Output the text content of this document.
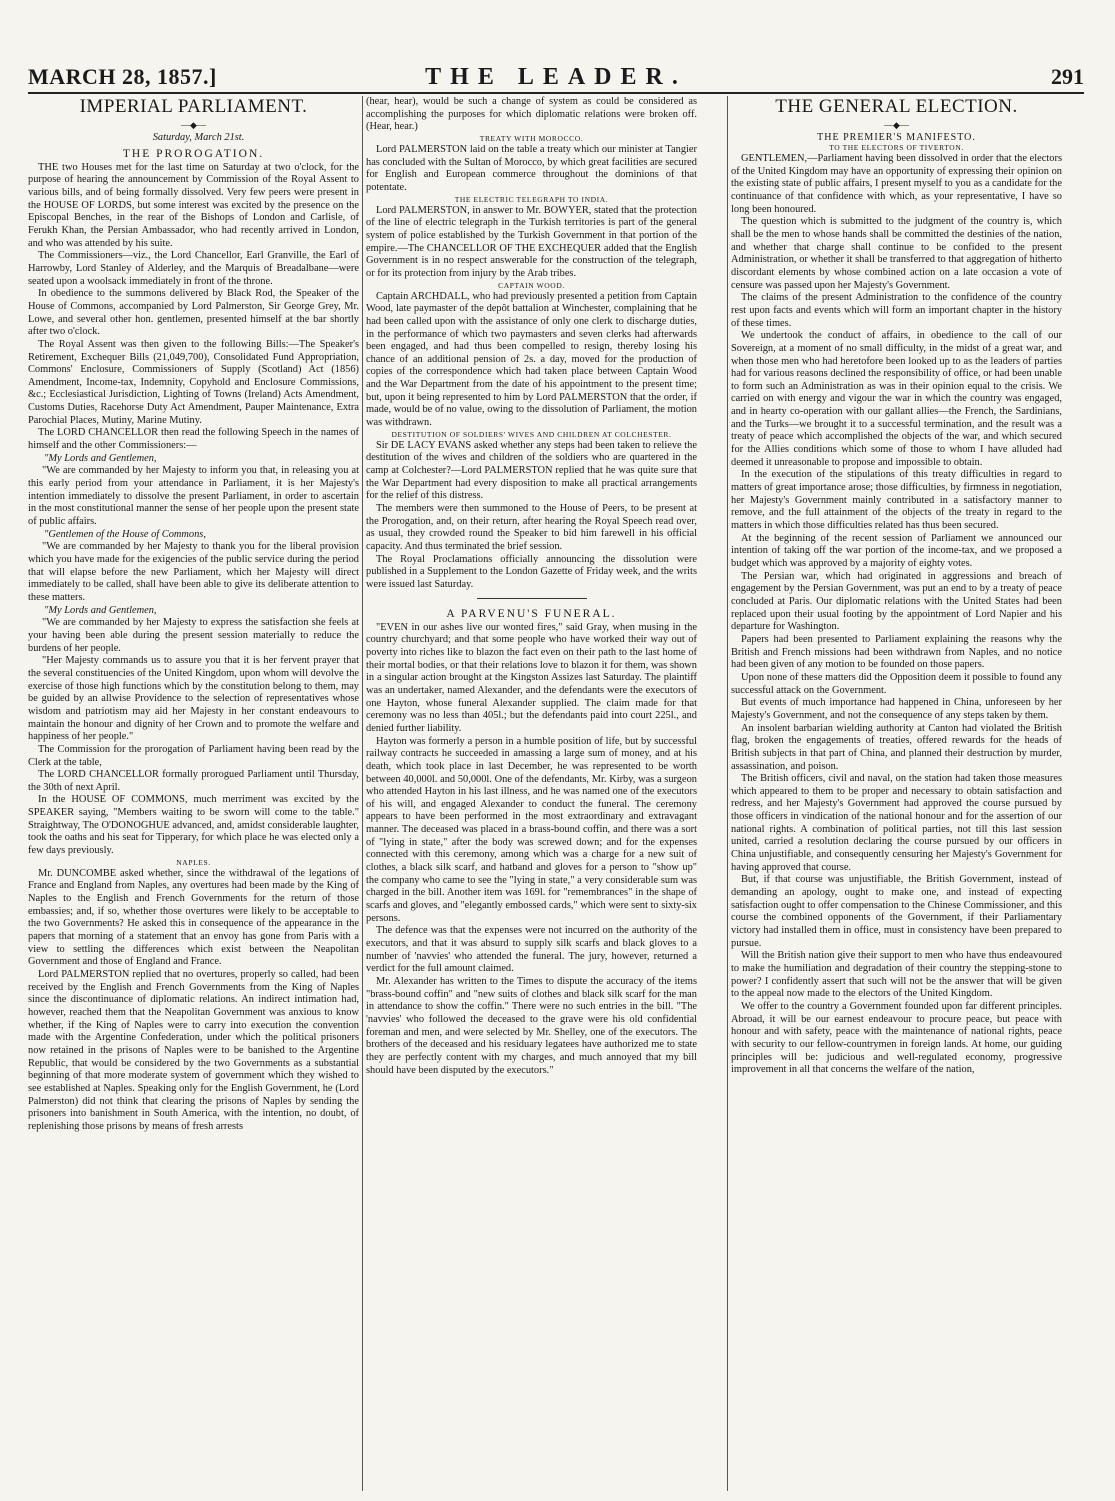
MARCH 28, 1857.]	THE LEADER.	291
IMPERIAL PARLIAMENT.
—◆—

Saturday, March 21st.

THE PROROGATION.

THE two Houses met for the last time on Saturday at two o'clock, for the purpose of hearing the announcement by Commission of the Royal Assent to various bills, and of being formally dissolved. Very few peers were present in the HOUSE OF LORDS, but some interest was excited by the presence on the Episcopal Benches, in the rear of the Bishops of London and Carlisle, of Ferukh Khan, the Persian Ambassador, who had recently arrived in London, and who was attended by his suite.

The Commissioners—viz., the Lord Chancellor, Earl Granville, the Earl of Harrowby, Lord Stanley of Alderley, and the Marquis of Breadalbane—were seated upon a woolsack immediately in front of the throne.

In obedience to the summons delivered by Black Rod, the Speaker of the House of Commons, accompanied by Lord Palmerston, Sir George Grey, Mr. Lowe, and several other hon. gentlemen, presented himself at the bar shortly after two o'clock.

The Royal Assent was then given to the following Bills:—The Speaker's Retirement, Exchequer Bills (21,049,700), Consolidated Fund Appropriation, Commons' Enclosure, Commissioners of Supply (Scotland) Act (1856) Amendment, Income-tax, Indemnity, Copyhold and Enclosure Commissions, &c.; Ecclesiastical Jurisdiction, Lighting of Towns (Ireland) Acts Amendment, Customs Duties, Racehorse Duty Act Amendment, Pauper Maintenance, Extra Parochial Places, Mutiny, Marine Mutiny.

The LORD CHANCELLOR then read the following Speech in the names of himself and the other Commissioners:—

"My Lords and Gentlemen,

"We are commanded by her Majesty to inform you that, in releasing you at this early period from your attendance in Parliament, it is her Majesty's intention immediately to dissolve the present Parliament, in order to ascertain in the most constitutional manner the sense of her people upon the present state of public affairs.

"Gentlemen of the House of Commons,

"We are commanded by her Majesty to thank you for the liberal provision which you have made for the exigencies of the public service during the period that will elapse before the new Parliament, which her Majesty will direct immediately to be called, shall have been able to give its deliberate attention to these matters.

"My Lords and Gentlemen,

"We are commanded by her Majesty to express the satisfaction she feels at your having been able during the present session materially to reduce the burdens of her people.

"Her Majesty commands us to assure you that it is her fervent prayer that the several constituencies of the United Kingdom, upon whom will devolve the exercise of those high functions which by the constitution belong to them, may be guided by an allwise Providence to the selection of representatives whose wisdom and patriotism may aid her Majesty in her constant endeavours to maintain the honour and dignity of her Crown and to promote the welfare and happiness of her people."

The Commission for the prorogation of Parliament having been read by the Clerk at the table,

The LORD CHANCELLOR formally prorogued Parliament until Thursday, the 30th of next April.

In the HOUSE OF COMMONS, much merriment was excited by the SPEAKER saying, "Members waiting to be sworn will come to the table." Straightway, The O'DONOGHUE advanced, and, amidst considerable laughter, took the oaths and his seat for Tipperary, for which place he was elected only a few days previously.

NAPLES.

Mr. DUNCOMBE asked whether, since the withdrawal of the legations of France and England from Naples, any overtures had been made by the King of Naples to the English and French Governments for the return of those embassies; and, if so, whether those overtures were likely to be acceptable to the two Governments? He asked this in consequence of the appearance in the papers that morning of a statement that an envoy has gone from Paris with a view to settling the differences which exist between the Neapolitan Government and those of England and France.

Lord PALMERSTON replied that no overtures, properly so called, had been received by the English and French Governments from the King of Naples since the discontinuance of diplomatic relations. An indirect intimation had, however, reached them that the Neapolitan Government was anxious to know whether, if the King of Naples were to carry into execution the convention made with the Argentine Confederation, under which the political prisoners now retained in the prisons of Naples were to be banished to the Argentine Republic, that would be considered by the two Governments as a substantial beginning of that more moderate system of government which they wished to see established at Naples. Speaking only for the English Government, he (Lord Palmerston) did not think that clearing the prisons of Naples by sending the prisoners into banishment in South America, with the intention, no doubt, of replenishing those prisons by means of fresh arrests

(hear, hear), would be such a change of system as could be considered as accomplishing the purposes for which diplomatic relations were broken off. (Hear, hear.)

TREATY WITH MOROCCO.

Lord PALMERSTON laid on the table a treaty which our minister at Tangier has concluded with the Sultan of Morocco, by which great facilities are secured for English and European commerce throughout the dominions of that potentate.

THE ELECTRIC TELEGRAPH TO INDIA.

Lord PALMERSTON, in answer to Mr. BOWYER, stated that the protection of the line of electric telegraph in the Turkish territories is part of the general system of police established by the Turkish Government in that portion of the empire.—The CHANCELLOR OF THE EXCHEQUER added that the English Government is in no respect answerable for the construction of the telegraph, or for its protection from injury by the Arab tribes.

CAPTAIN WOOD.

Captain ARCHDALL, who had previously presented a petition from Captain Wood, late paymaster of the depôt battalion at Winchester, complaining that he had been called upon with the assistance of only one clerk to discharge duties, in the performance of which two paymasters and seven clerks had afterwards been engaged, and had thus been compelled to resign, thereby losing his chance of an additional pension of 2s. a day, moved for the production of copies of the correspondence which had taken place between Captain Wood and the War Department from the date of his appointment to the present time; but, upon it being represented to him by Lord PALMERSTON that the order, if made, would be of no value, owing to the dissolution of Parliament, the motion was withdrawn.

DESTITUTION OF SOLDIERS' WIVES AND CHILDREN AT COLCHESTER.

Sir DE LACY EVANS asked whether any steps had been taken to relieve the destitution of the wives and children of the soldiers who are quartered in the camp at Colchester?—Lord PALMERSTON replied that he was quite sure that the War Department had every disposition to make all practical arrangements for the relief of this distress.

The members were then summoned to the House of Peers, to be present at the Prorogation, and, on their return, after hearing the Royal Speech read over, as usual, they crowded round the Speaker to bid him farewell in his official capacity. And thus terminated the brief session.

The Royal Proclamations officially announcing the dissolution were published in a Supplement to the London Gazette of Friday week, and the writs were issued last Saturday.

A PARVENU'S FUNERAL.

"EVEN in our ashes live our wonted fires," said Gray, when musing in the country churchyard; and that some people who have worked their way out of poverty into riches like to blazon the fact even on their path to the last home of their mortal bodies, or that their relations love to blazon it for them, was shown in a singular action brought at the Kingston Assizes last Saturday. The plaintiff was an undertaker, named Alexander, and the defendants were the executors of one Hayton, whose funeral Alexander supplied. The claim made for that ceremony was no less than 405l.; but the defendants paid into court 225l., and denied further liability.

Hayton was formerly a person in a humble position of life, but by successful railway contracts he succeeded in amassing a large sum of money, and at his death, which took place in last December, he was represented to be worth between 40,000l. and 50,000l. One of the defendants, Mr. Kirby, was a surgeon who attended Hayton in his last illness, and he was named one of the executors of his will, and engaged Alexander to conduct the funeral. The ceremony appears to have been performed in the most extraordinary and extravagant manner. The deceased was placed in a brass-bound coffin, and there was a sort of "lying in state," after the body was screwed down; and for the expenses connected with this ceremony, among which was a charge for a new suit of clothes, a black silk scarf, and hatband and gloves for a person to "show up" the company who came to see the "lying in state," a very considerable sum was charged in the bill. Another item was 169l. for "remembrances" in the shape of scarfs and gloves, and "elegantly embossed cards," which were sent to sixty-six persons.

The defence was that the expenses were not incurred on the authority of the executors, and that it was absurd to supply silk scarfs and black gloves to a number of 'navvies' who attended the funeral. The jury, however, returned a verdict for the full amount claimed.

Mr. Alexander has written to the Times to dispute the accuracy of the items "brass-bound coffin" and "new suits of clothes and black silk scarf for the man in attendance to show the coffin." There were no such entries in the bill. "The 'navvies' who followed the deceased to the grave were his old confidential foreman and men, and were selected by Mr. Shelley, one of the executors. The brothers of the deceased and his residuary legatees have authorized me to state they are perfectly content with my charges, and much annoyed that my bill should have been disputed by the executors."

THE GENERAL ELECTION.
—◆—
THE PREMIER'S MANIFESTO.
TO THE ELECTORS OF TIVERTON.

GENTLEMEN,—Parliament having been dissolved in order that the electors of the United Kingdom may have an opportunity of expressing their opinion on the existing state of public affairs, I present myself to you as a candidate for the continuance of that confidence with which, as your representative, I have so long been honoured.

The question which is submitted to the judgment of the country is, which shall be the men to whose hands shall be committed the destinies of the nation, and whether that charge shall continue to be confided to the present Administration, or whether it shall be transferred to that aggregation of hitherto discordant elements by whose combined action on a late occasion a vote of censure was passed upon her Majesty's Government.

The claims of the present Administration to the confidence of the country rest upon facts and events which will form an important chapter in the history of these times.

We undertook the conduct of affairs, in obedience to the call of our Sovereign, at a moment of no small difficulty, in the midst of a great war, and when those men who had heretofore been looked up to as the leaders of parties had for various reasons declined the responsibility of office, or had been unable to form such an Administration as was in their opinion equal to the crisis. We carried on with energy and vigour the war in which the country was engaged, and in hearty co-operation with our gallant allies—the French, the Sardinians, and the Turks—we brought it to a successful termination, and the result was a treaty of peace which accomplished the objects of the war, and which secured for the Allies conditions which some of those to whom I have alluded had deemed it unreasonable to propose and impossible to obtain.

In the execution of the stipulations of this treaty difficulties in regard to matters of great importance arose; those difficulties, by firmness in negotiation, her Majesty's Government mainly contributed in a satisfactory manner to remove, and the full attainment of the objects of the treaty in regard to the matters in which those difficulties related has thus been secured.

At the beginning of the recent session of Parliament we announced our intention of taking off the war portion of the income-tax, and we proposed a budget which was approved by a majority of eighty votes.

The Persian war, which had originated in aggressions and breach of engagement by the Persian Government, was put an end to by a treaty of peace concluded at Paris. Our diplomatic relations with the United States had been replaced upon their usual footing by the appointment of Lord Napier and his departure for Washington.

Papers had been presented to Parliament explaining the reasons why the British and French missions had been withdrawn from Naples, and no notice had been given of any motion to be founded on those papers.

Upon none of these matters did the Opposition deem it possible to found any successful attack on the Government.

But events of much importance had happened in China, unforeseen by her Majesty's Government, and not the consequence of any steps taken by them.

An insolent barbarian wielding authority at Canton had violated the British flag, broken the engagements of treaties, offered rewards for the heads of British subjects in that part of China, and planned their destruction by murder, assassination, and poison.

The British officers, civil and naval, on the station had taken those measures which appeared to them to be proper and necessary to obtain satisfaction and redress, and her Majesty's Government had approved the course pursued by those officers in vindication of the national honour and for the assertion of our national rights. A combination of political parties, not till this last session united, carried a resolution declaring the course pursued by our officers in China unjustifiable, and consequently censuring her Majesty's Government for having approved that course.

But, if that course was unjustifiable, the British Government, instead of demanding an apology, ought to make one, and instead of expecting satisfaction ought to offer compensation to the Chinese Commissioner, and this course the combined opponents of the Government, if their Parliamentary victory had installed them in office, must in consistency have been prepared to pursue.

Will the British nation give their support to men who have thus endeavoured to make the humiliation and degradation of their country the stepping-stone to power? I confidently assert that such will not be the answer that will be given to the appeal now made to the electors of the United Kingdom.

We offer to the country a Government founded upon far different principles. Abroad, it will be our earnest endeavour to procure peace, but peace with honour and with safety, peace with the maintenance of national rights, peace with security to our fellow-countrymen in foreign lands. At home, our guiding principles will be: judicious and well-regulated economy, progressive improvement in all that concerns the welfare of the nation,
